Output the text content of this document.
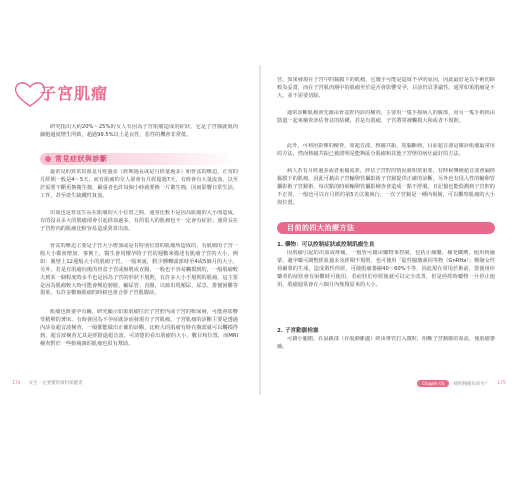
子宮肌瘤

研究指出大約20%～25%的女人有因為子宮肌瘤造成的症狀，它是子宮樣就肌肉細胞過度增生所致，超過99.5%以上是良性，惡性的機會非常低。

常見症狀與診斷

最常見的異常出血是月經過多（經期過長或是月經量過多）和骨盆的壓迫，正常的月經期一般是4～5天，而有肌瘤的女人卻會有月經超過7天，有時會有大量流血，以至於需要不斷更換衛生棉，嚴重者也許每個小時就要換一片衛生棉，因而影響日常生活，工作，甚至產生缺鐵性貧血。

出血也是骨盆生長在肌瘤的大小位置之間，通常比較不是因為肌瘤的大小而造成，有的沒長多大的肌瘤卻會引起經血過多，有的很大的肌瘤也不一定會有症狀；通常長在子宮腔內的肌瘤比較容易造成異常出血。

骨盆的壓迫主要是子宮大小增加或是有特別位置的肌瘤所造成的，有肌瘤的子宮一般大小都會增加，事實上，醫生會用懷孕時子宮的週數來描述有肌瘤子宮的大小，例如：腹壁上12週般大小的肌瘤子宮，一般來說，假少腫轉頭部時至4或5個月的大小，另外，若是有肌瘤向後的骨盆子宮或膀胱或直腸，一般也不容易觸摸到的，一般肌瘤較大到某一個程度時多半也是因為子宮的形狀不規則，有許多大小不規則的肌瘤，這主要是因為肌瘤較大時可能會壓迫膀胱、輸尿管、直腸，以致出現頻尿、尿急、排便困難等現象，有許多數個肌瘤的時候也會合併子宮肌腺症。

肌瘤也與妻孕有關，研究顯示如果肌瘤位於子宮腔內或子宮的較深層，可能會影響受精卵的著床，有時會因為不孕症就診而發現有子宮肌瘤。子宮肌瘤的診斷主要是透過內診及超音波檢查，一般都能做出正確的診斷，比較大的肌瘤有時在腹部就可以觸摸得到，超音波檢查尤其是經陰道超音波，可清楚的看出肌瘤的大小、數目和位置，而MRI檢查對於一些較複雜的肌瘤也很有幫助。

174 女生一定要懂的婦科保健書

宮，如果發現在子宮中的黏膜下的肌瘤，它幾乎可能是造成不孕的原因，因此最好是以手術切除較為妥當，而在子宮肌肉層中的肌瘤至於是否會影響受孕，目前仍具爭議性，通常如果肌瘤是不大，並不需要切除。

通常診斷肌瘤會先藉由骨盆腔內診的檢查，主要用一隻手摸病人的腹部，用另一隻手則經由陰道一起來檢查評估骨盆的結構，若是有肌瘤，子宮將常被觸摸大和或者不規則。

此外，可利用影像的檢查，如超音波、核磁共振、電腦斷層，目前超音波是確診肌瘤最常用的方法，然而核磁共振已被證明是能夠區分肌瘤和其他子宮壁的病灶最好的方法。

病人若有月經過多或者重複流產，評估子宮腔的情況就相當重要，有時候傳統超音波會漏掉黏膜下的肌瘤，因此可藉由子宮輸卵管攝影術子宮鏡提供正確的診斷，另外也有侵入性的輸卵管攝影術子宮鏡術，每次點的時候輸卵管攝影檢查會造成一點不舒服，且記憶也能偵測到子宮腔的不正常，一般也可以在月經的第5天以後執行，一次子宮鏡是一種內視鏡，可以觀察肌瘤的大小與位置。

目前的四大治療方法
1. 藥物：可以控制症狀或控制肌瘤生長

因肌瘤引起的出血或疼痛，一般皆可藉由藥物來控制，包括止痛藥、補充鐵劑，使用荷爾蒙、避孕藥可調整經血過多及經期不規則，也可使用「促性腺激素同等物（GnRHa）」壓制女性荷爾蒙的生成，造成假性停經，可使肌瘤萎縮40～60%不等，因此現在常用於術前，當使用停藥者的症狀會有困難時可使用，若症狀於停經後就可以完全改善，但是停經時藥物一旦停止使用，肌瘤通常會在六個月內恢復原來的大小。

2. 子宮動脈栓塞

可藉小腿槍，在鼠蹊部（在股動脈處）經由導管打入微粒，阻斷子宮動脈的血流，使肌瘤萎縮。

Chapter 04	婦科腫瘤知多少？ 175
